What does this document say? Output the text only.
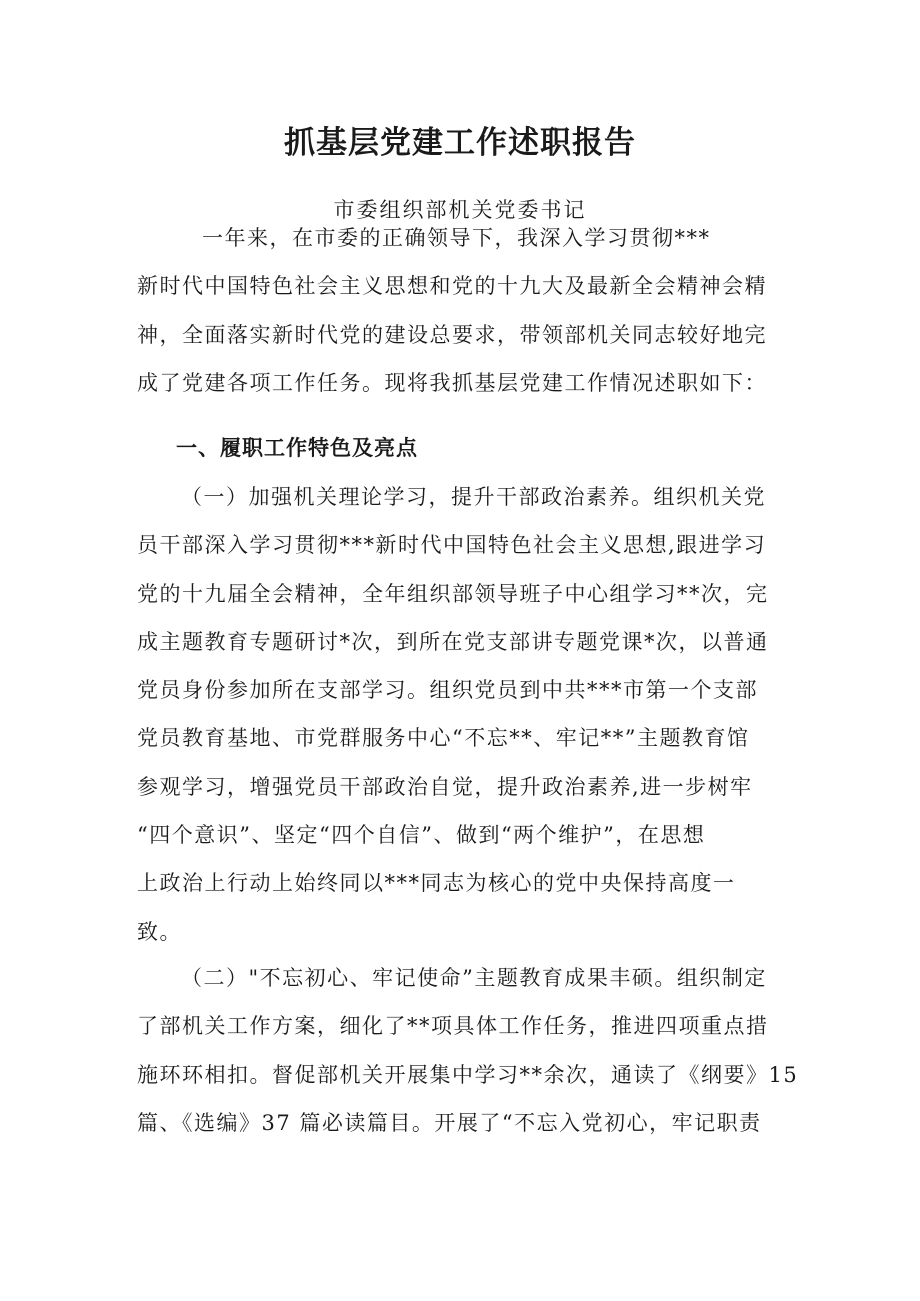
抓基层党建工作述职报告
市委组织部机关党委书记
一年来，在市委的正确领导下，我深入学习贯彻***
新时代中国特色社会主义思想和党的十九大及最新全会精神会精
神，全面落实新时代党的建设总要求，带领部机关同志较好地完
成了党建各项工作任务。现将我抓基层党建工作情况述职如下：
一、履职工作特色及亮点
（一）加强机关理论学习，提升干部政治素养。组织机关党
员干部深入学习贯彻***新时代中国特色社会主义思想,跟进学习
党的十九届全会精神，全年组织部领导班子中心组学习**次，完
成主题教育专题研讨*次，到所在党支部讲专题党课*次，以普通
党员身份参加所在支部学习。组织党员到中共***市第一个支部
党员教育基地、市党群服务中心“不忘**、牢记**”主题教育馆
参观学习，增强党员干部政治自觉，提升政治素养,进一步树牢
“四个意识”、坚定“四个自信”、做到“两个维护”，在思想
上政治上行动上始终同以***同志为核心的党中央保持高度一
致。
（二）"不忘初心、牢记使命”主题教育成果丰硕。组织制定
了部机关工作方案，细化了**项具体工作任务，推进四项重点措
施环环相扣。督促部机关开展集中学习**余次，通读了《纲要》15
篇、《选编》37 篇必读篇目。开展了“不忘入党初心，牢记职责
